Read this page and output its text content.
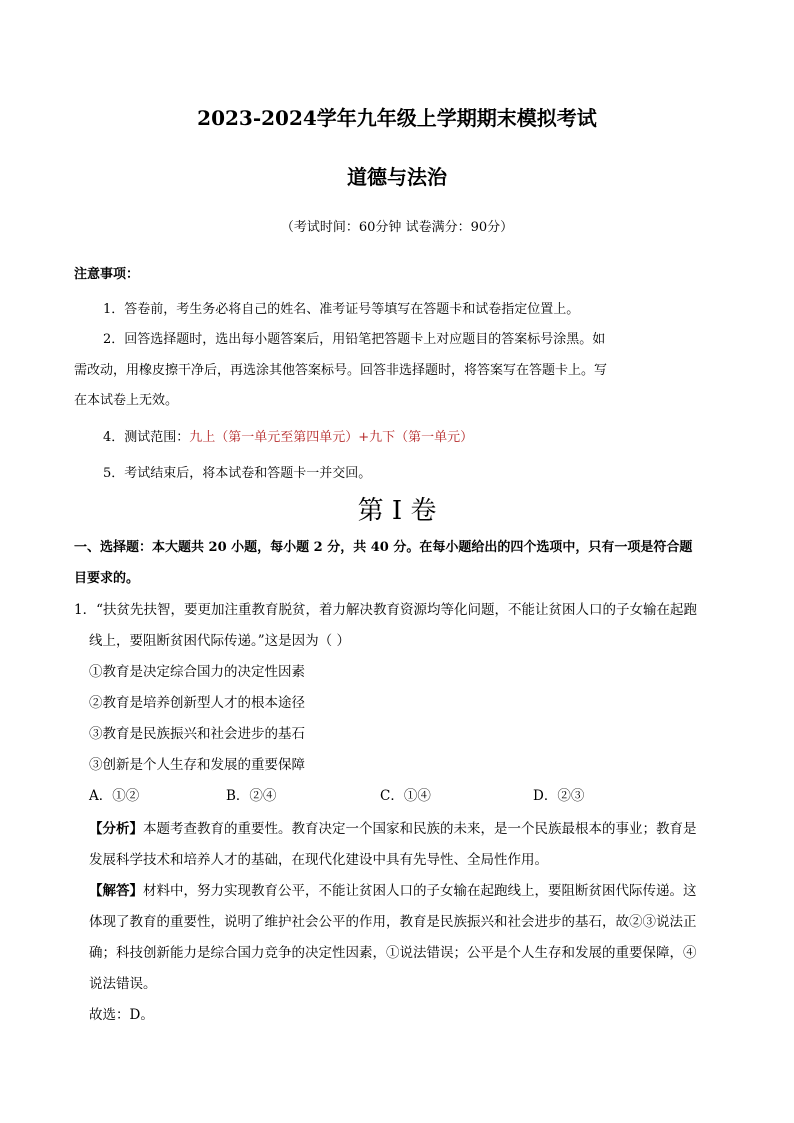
2023-2024学年九年级上学期期末模拟考试
道德与法治
（考试时间：60分钟 试卷满分：90分）
注意事项：
1．答卷前，考生务必将自己的姓名、准考证号等填写在答题卡和试卷指定位置上。
2．回答选择题时，选出每小题答案后，用铅笔把答题卡上对应题目的答案标号涂黑。如
需改动，用橡皮擦干净后，再选涂其他答案标号。回答非选择题时，将答案写在答题卡上。写
在本试卷上无效。
4．测试范围：九上（第一单元至第四单元）+九下（第一单元）
5．考试结束后，将本试卷和答题卡一并交回。
第 I 卷
一、选择题：本大题共 20 小题，每小题 2 分，共 40 分。在每小题给出的四个选项中，只有一项是符合题
目要求的。
1．“扶贫先扶智，要更加注重教育脱贫，着力解决教育资源均等化问题，不能让贫困人口的子女输在起跑
线上，要阻断贫困代际传递。”这是因为（ ）
①教育是决定综合国力的决定性因素
②教育是培养创新型人才的根本途径
③教育是民族振兴和社会进步的基石
③创新是个人生存和发展的重要保障
A．①②	B．②④	C．①④	D．②③
【分析】本题考查教育的重要性。教育决定一个国家和民族的未来，是一个民族最根本的事业；教育是
发展科学技术和培养人才的基础，在现代化建设中具有先导性、全局性作用。
【解答】材料中，努力实现教育公平，不能让贫困人口的子女输在起跑线上，要阻断贫困代际传递。这
体现了教育的重要性，说明了维护社会公平的作用，教育是民族振兴和社会进步的基石，故②③说法正
确；科技创新能力是综合国力竞争的决定性因素，①说法错误；公平是个人生存和发展的重要保障，④
说法错误。
故选：D。
